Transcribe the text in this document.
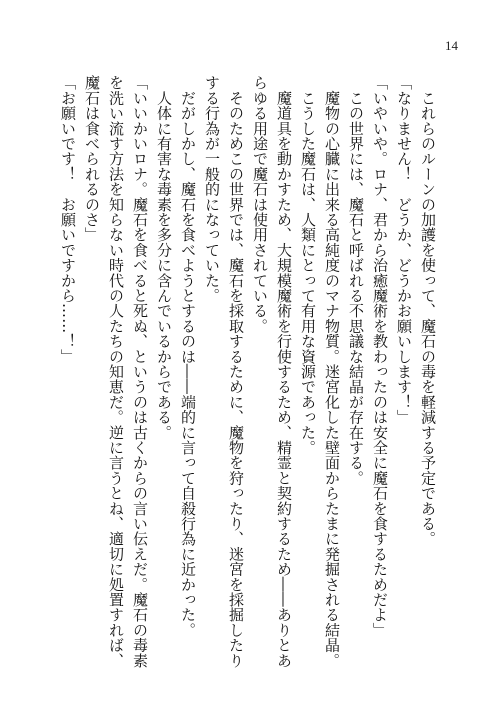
14

　これらのルーンの加護を使って、魔石の毒を軽減する予定である。

「なりません！　どうか、どうかお願いします！」

「いやいや。ロナ、君から治癒魔術を教わったのは安全に魔石を食するためだよ」

　この世界には、魔石と呼ばれる不思議な結晶が存在する。

　魔物の心臓に出来る高純度のマナ物質。迷宮化した壁面からたまに発掘される結晶。

　こうした魔石は、人類にとって有用な資源であった。

　魔道具を動かすため、大規模魔術を行使するため、精霊と契約するため――ありとあらゆる用途で魔石は使用されている。

　そのためこの世界では、魔石を採取するために、魔物を狩ったり、迷宮を採掘したりする行為が一般的になっていた。

　だがしかし、魔石を食べようとするのは――端的に言って自殺行為に近かった。

　人体に有害な毒素を多分に含んでいるからである。

「いいかいロナ。魔石を食べると死ぬ、というのは古くからの言い伝えだ。魔石の毒素を洗い流す方法を知らない時代の人たちの知恵だ。逆に言うとね、適切に処置すれば、魔石は食べられるのさ」

「お願いです！　お願いですから……！」
